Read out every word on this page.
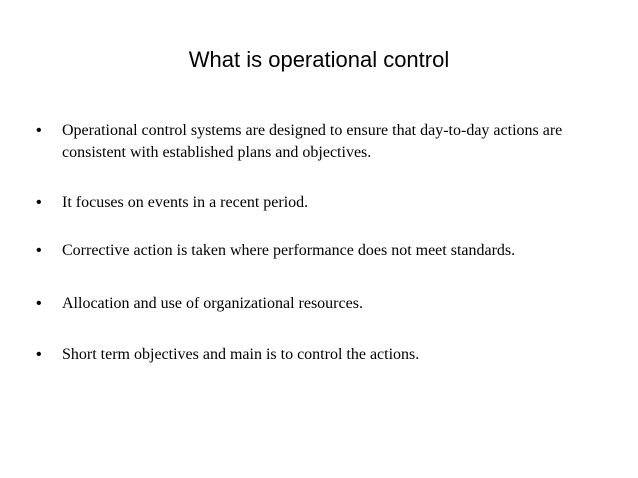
What is operational control
• Operational control systems are designed to ensure that day-to-day actions are consistent with established plans and objectives.
• It focuses on events in a recent period.
• Corrective action is taken where performance does not meet standards.
• Allocation and use of organizational resources.
• Short term objectives and main is to control the actions.
